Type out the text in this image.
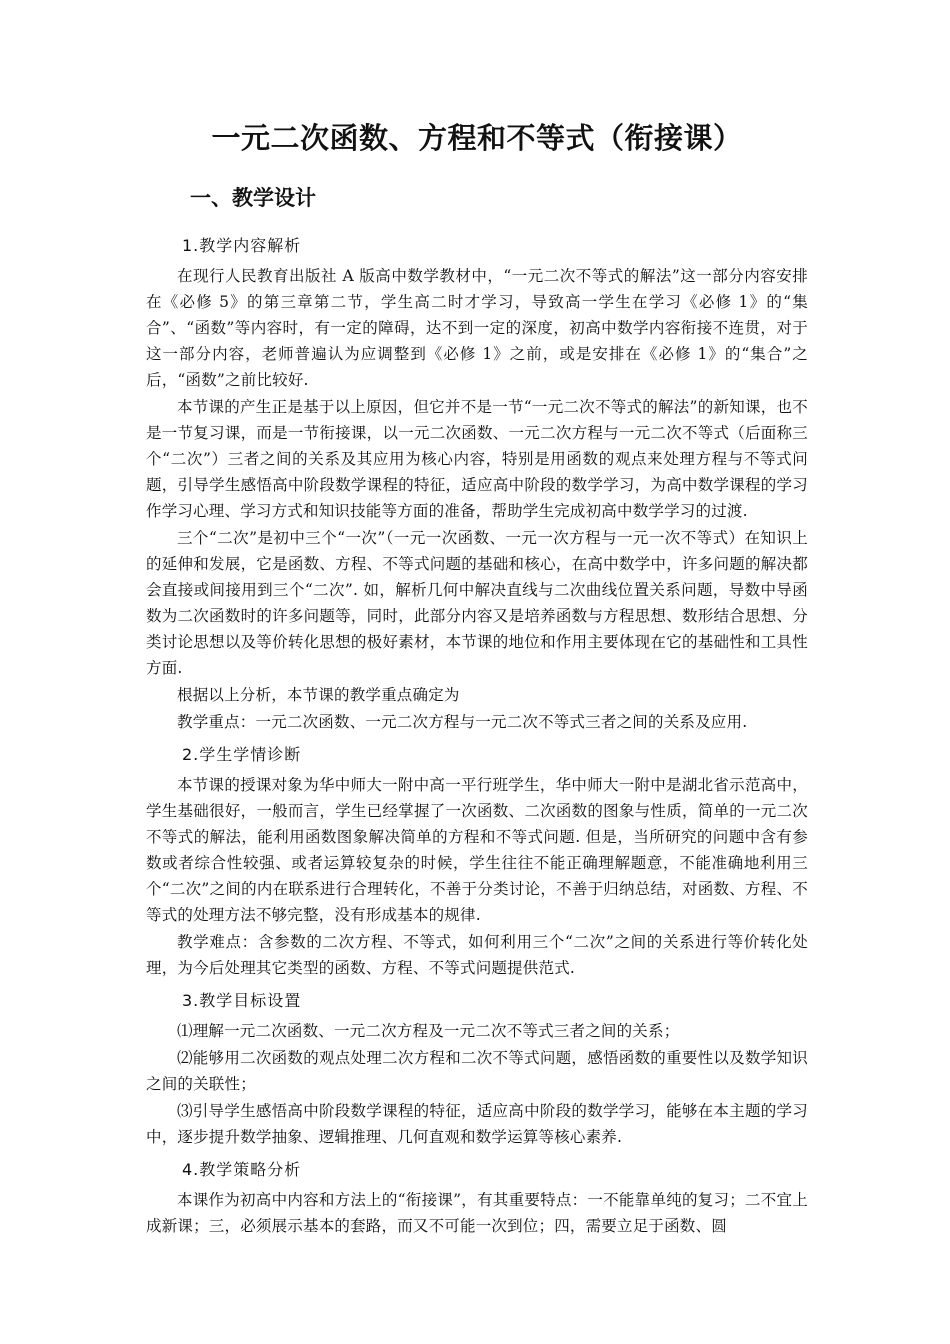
一元二次函数、方程和不等式（衔接课）
一、教学设计
1.教学内容解析

在现行人民教育出版社 A 版高中数学教材中，“一元二次不等式的解法”这一部分内容安排在《必修 5》的第三章第二节，学生高二时才学习，导致高一学生在学习《必修 1》的“集合”、“函数”等内容时，有一定的障碍，达不到一定的深度，初高中数学内容衔接不连贯，对于这一部分内容，老师普遍认为应调整到《必修 1》之前，或是安排在《必修 1》的“集合”之后，“函数”之前比较好.

本节课的产生正是基于以上原因，但它并不是一节“一元二次不等式的解法”的新知课，也不是一节复习课，而是一节衔接课，以一元二次函数、一元二次方程与一元二次不等式（后面称三个“二次”）三者之间的关系及其应用为核心内容，特别是用函数的观点来处理方程与不等式问题，引导学生感悟高中阶段数学课程的特征，适应高中阶段的数学学习，为高中数学课程的学习作学习心理、学习方式和知识技能等方面的准备，帮助学生完成初高中数学学习的过渡.

三个“二次”是初中三个“一次”（一元一次函数、一元一次方程与一元一次不等式）在知识上的延伸和发展，它是函数、方程、不等式问题的基础和核心，在高中数学中，许多问题的解决都会直接或间接用到三个“二次”. 如，解析几何中解决直线与二次曲线位置关系问题，导数中导函数为二次函数时的许多问题等，同时，此部分内容又是培养函数与方程思想、数形结合思想、分类讨论思想以及等价转化思想的极好素材，本节课的地位和作用主要体现在它的基础性和工具性方面.

根据以上分析，本节课的教学重点确定为

教学重点：一元二次函数、一元二次方程与一元二次不等式三者之间的关系及应用.

2.学生学情诊断

本节课的授课对象为华中师大一附中高一平行班学生，华中师大一附中是湖北省示范高中，学生基础很好，一般而言，学生已经掌握了一次函数、二次函数的图象与性质，简单的一元二次不等式的解法，能利用函数图象解决简单的方程和不等式问题. 但是，当所研究的问题中含有参数或者综合性较强、或者运算较复杂的时候，学生往往不能正确理解题意，不能准确地利用三个“二次”之间的内在联系进行合理转化，不善于分类讨论，不善于归纳总结，对函数、方程、不等式的处理方法不够完整，没有形成基本的规律.

教学难点：含参数的二次方程、不等式，如何利用三个“二次”之间的关系进行等价转化处理，为今后处理其它类型的函数、方程、不等式问题提供范式.

3.教学目标设置

⑴理解一元二次函数、一元二次方程及一元二次不等式三者之间的关系；

⑵能够用二次函数的观点处理二次方程和二次不等式问题，感悟函数的重要性以及数学知识之间的关联性；

⑶引导学生感悟高中阶段数学课程的特征，适应高中阶段的数学学习，能够在本主题的学习中，逐步提升数学抽象、逻辑推理、几何直观和数学运算等核心素养.

4.教学策略分析

本课作为初高中内容和方法上的“衔接课”，有其重要特点：一不能靠单纯的复习；二不宜上成新课；三，必须展示基本的套路，而又不可能一次到位；四，需要立足于函数、圆
